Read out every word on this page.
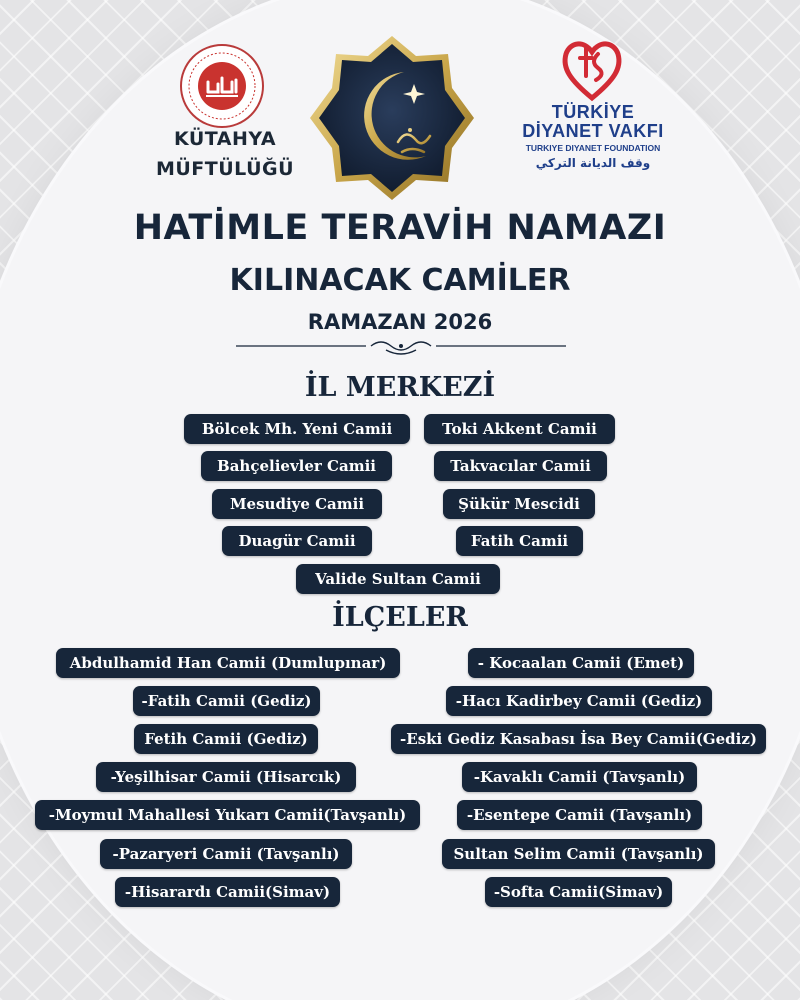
KÜTAHYA
MÜFTÜLÜĞÜ
TÜRKİYE
DİYANET VAKFI
TURKIYE DIYANET FOUNDATION
وقف الديانة التركي
HATİMLE TERAVİH NAMAZI
KILINACAK CAMİLER
RAMAZAN 2026
İL MERKEZİ
Bölcek Mh. Yeni Camii	Toki Akkent Camii
Bahçelievler Camii	Takvacılar Camii
Mesudiye Camii	Şükür Mescidi
Duagür Camii	Fatih Camii
Valide Sultan Camii
İLÇELER
Abdulhamid Han Camii (Dumlupınar)	- Kocaalan Camii (Emet)
-Fatih Camii (Gediz)	-Hacı Kadirbey Camii (Gediz)
Fetih Camii (Gediz)	-Eski Gediz Kasabası İsa Bey Camii(Gediz)
-Yeşilhisar Camii (Hisarcık)	-Kavaklı Camii (Tavşanlı)
-Moymul Mahallesi Yukarı Camii(Tavşanlı)	-Esentepe Camii (Tavşanlı)
-Pazaryeri Camii (Tavşanlı)	Sultan Selim Camii (Tavşanlı)
-Hisarardı Camii(Simav)	-Softa Camii(Simav)
